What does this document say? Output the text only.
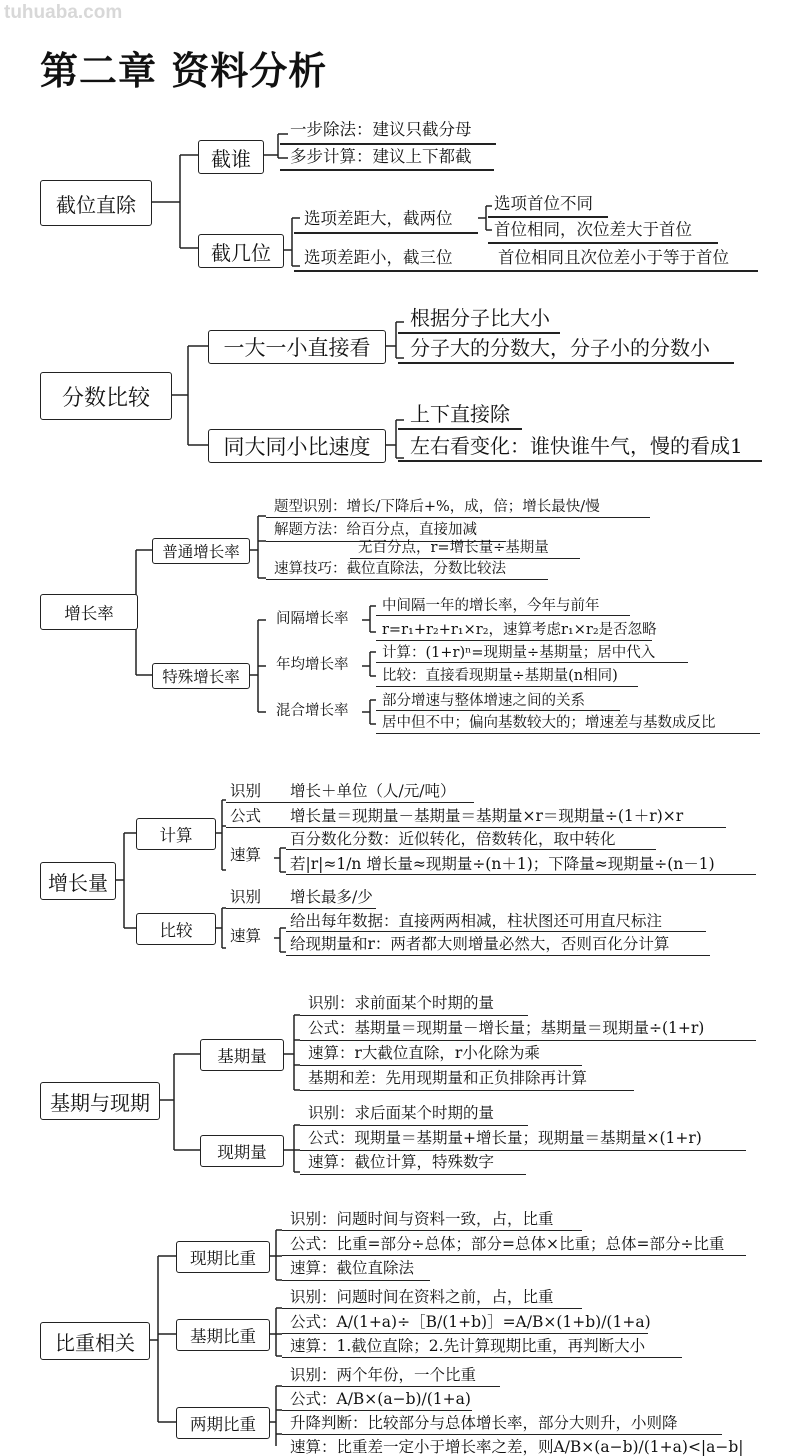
tuhuaba.com
第二章 资料分析
截位直除
截谁
一步除法：建议只截分母
多步计算：建议上下都截
截几位
选项差距大，截两位
选项首位不同
首位相同，次位差大于首位
选项差距小，截三位	首位相同且次位差小于等于首位
分数比较
一大一小直接看
根据分子比大小
分子大的分数大，分子小的分数小
同大同小比速度
上下直接除
左右看变化：谁快谁牛气，慢的看成1
增长率
普通增长率
题型识别：增长/下降后+%，成，倍；增长最快/慢
解题方法：给百分点，直接加减
无百分点，r=增长量÷基期量
速算技巧：截位直除法，分数比较法
特殊增长率
间隔增长率
中间隔一年的增长率，今年与前年
r=r₁+r₂+r₁×r₂，速算考虑r₁×r₂是否忽略
年均增长率
计算：(1+r)ⁿ=现期量÷基期量；居中代入
比较：直接看现期量÷基期量(n相同)
混合增长率
部分增速与整体增速之间的关系
居中但不中；偏向基数较大的；增速差与基数成反比
增长量
计算
识别 增长＋单位（人/元/吨）
公式 增长量＝现期量－基期量＝基期量×r＝现期量÷(1＋r)×r
速算
百分数化分数：近似转化，倍数转化，取中转化
若|r|≈1/n 增长量≈现期量÷(n＋1)；下降量≈现期量÷(n－1)
比较
识别 增长最多/少
速算
给出每年数据：直接两两相减，柱状图还可用直尺标注
给现期量和r：两者都大则增量必然大，否则百化分计算
基期与现期
基期量
识别：求前面某个时期的量
公式：基期量＝现期量－增长量；基期量＝现期量÷(1+r)
速算：r大截位直除，r小化除为乘
基期和差：先用现期量和正负排除再计算
现期量
识别：求后面某个时期的量
公式：现期量＝基期量+增长量；现期量＝基期量×(1+r)
速算：截位计算，特殊数字
比重相关
现期比重
识别：问题时间与资料一致，占，比重
公式：比重=部分÷总体；部分=总体×比重；总体=部分÷比重
速算：截位直除法
基期比重
识别：问题时间在资料之前，占，比重
公式：A/(1+a)÷［B/(1+b)］=A/B×(1+b)/(1+a)
速算：1.截位直除；2.先计算现期比重，再判断大小
两期比重
识别：两个年份，一个比重
公式：A/B×(a−b)/(1+a)
升降判断：比较部分与总体增长率，部分大则升，小则降
速算：比重差一定小于增长率之差，则A/B×(a−b)/(1+a)<|a−b|
